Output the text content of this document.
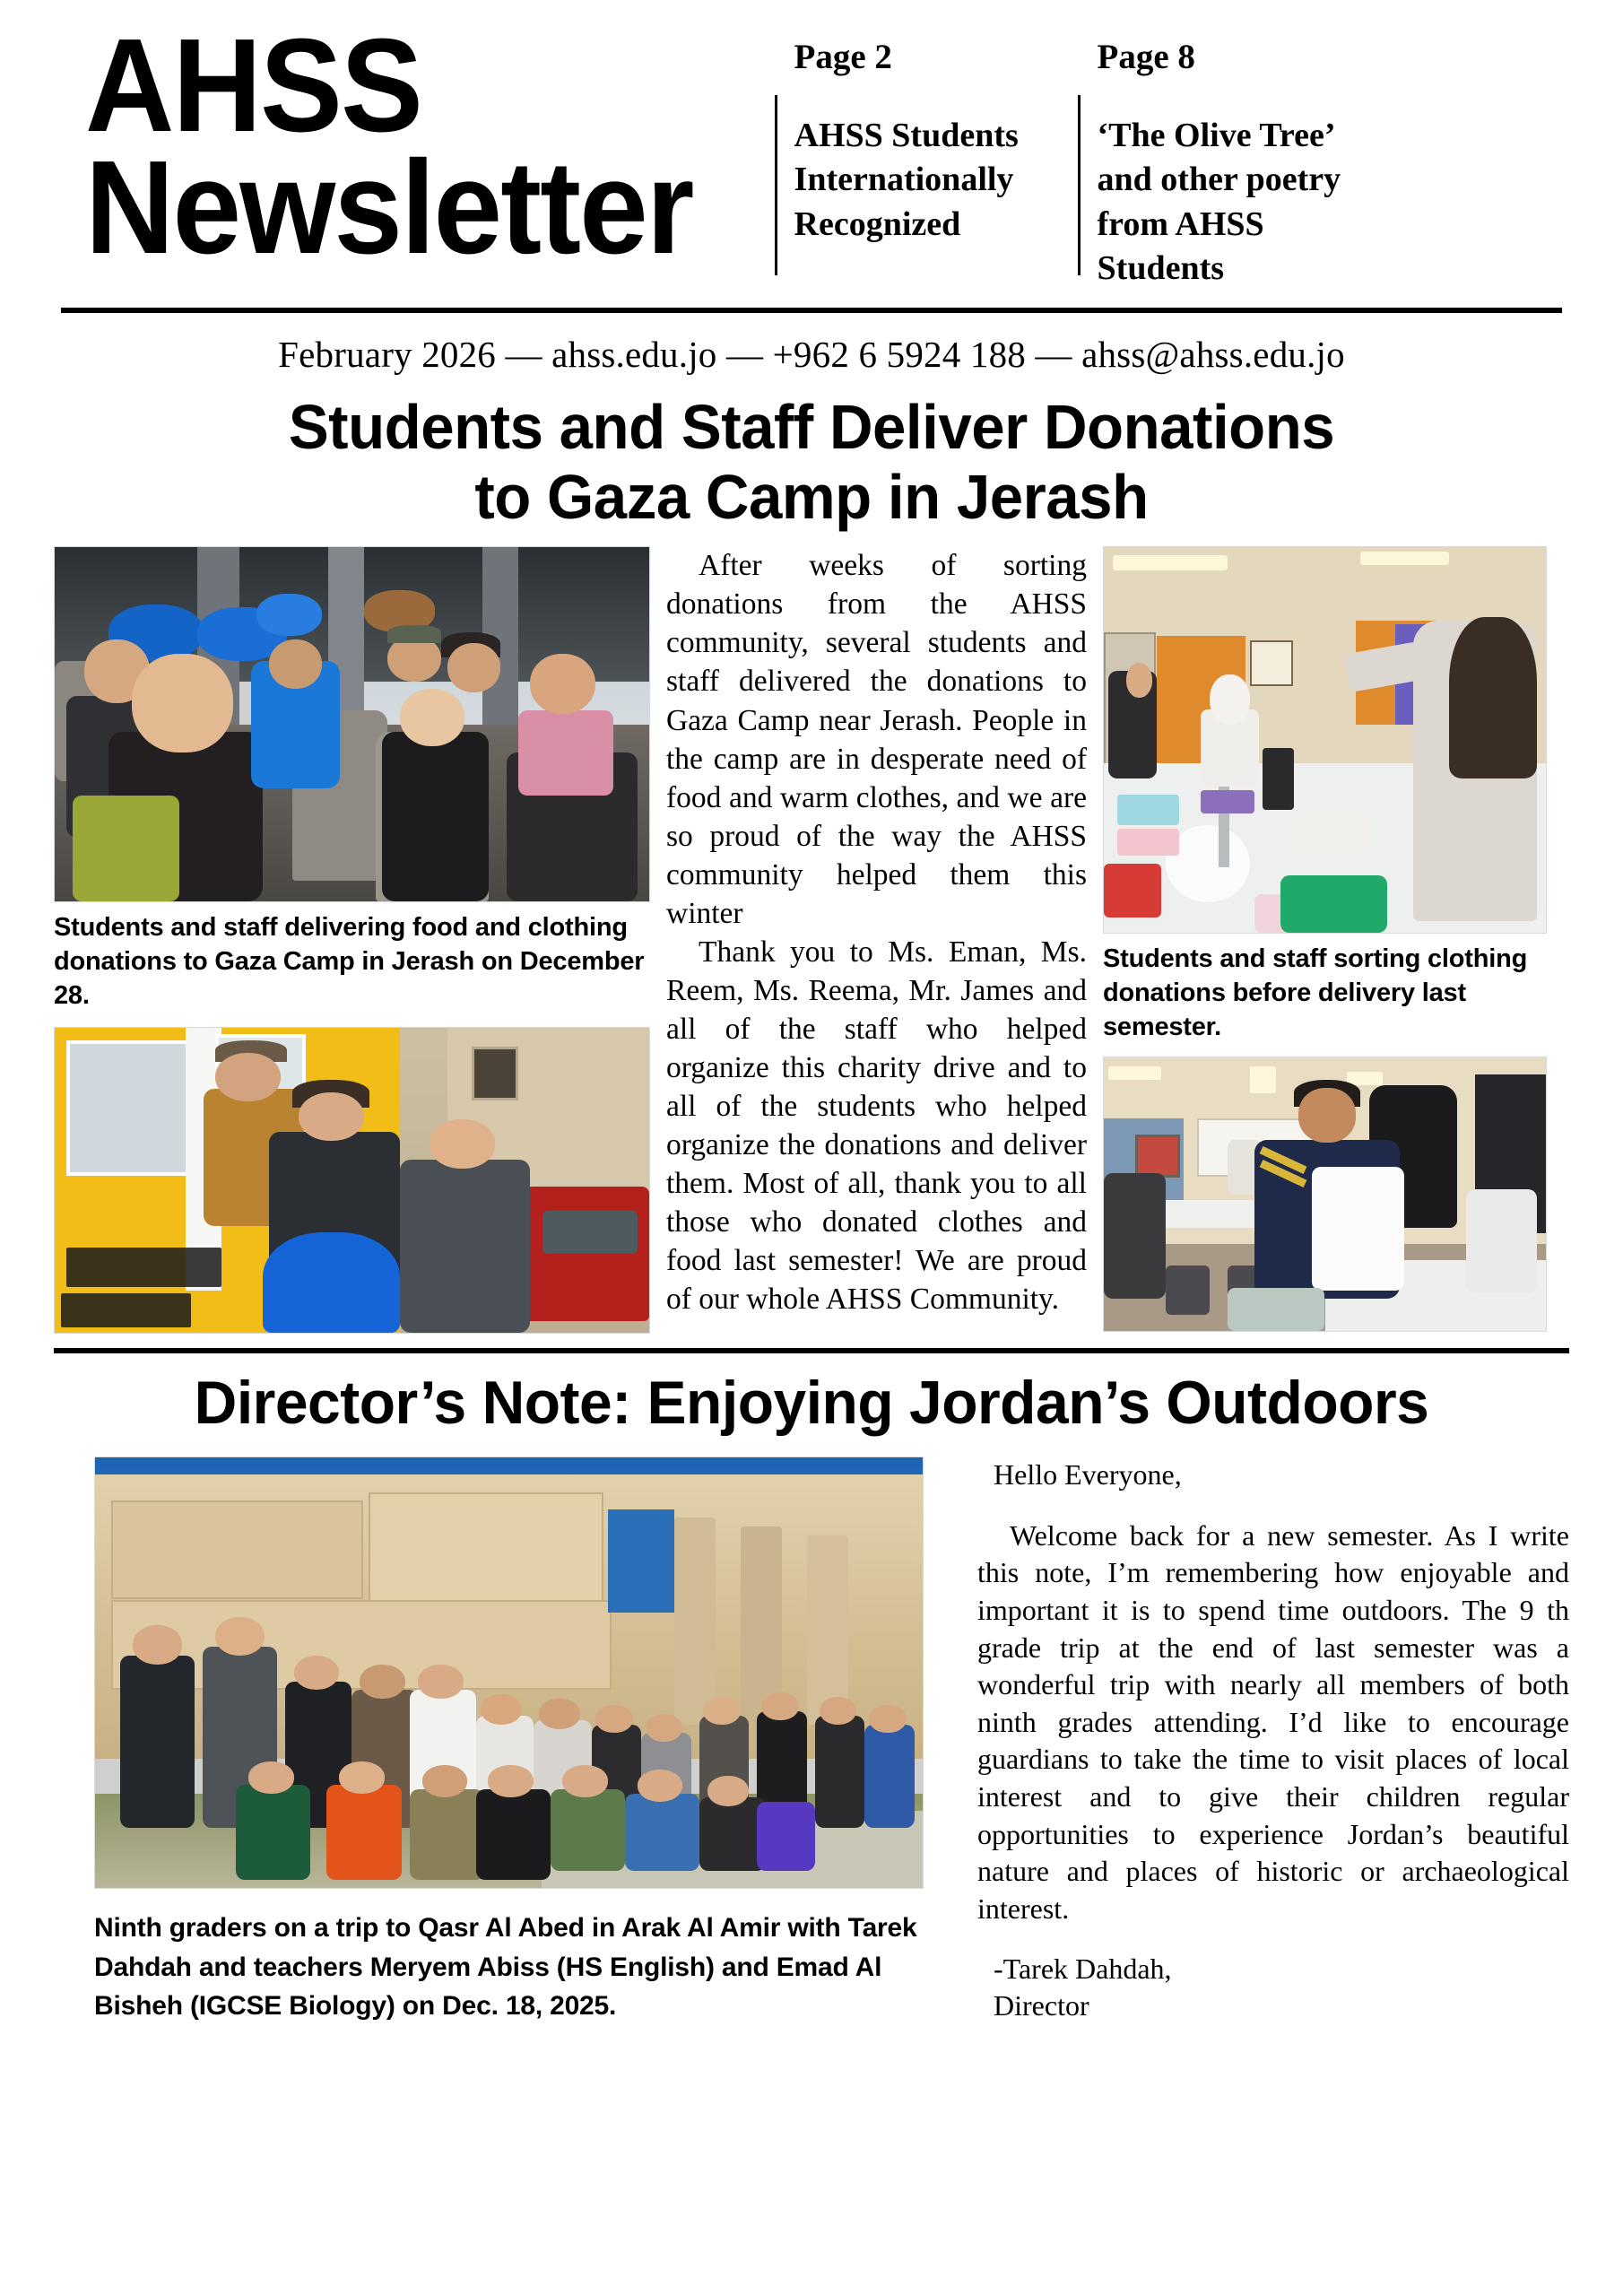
AHSS
Newsletter
Page 2
AHSS Students Internationally Recognized
Page 8
‘The Olive Tree’ and other poetry from AHSS Students
February 2026 — ahss.edu.jo — +962 6 5924 188 — ahss@ahss.edu.jo
Students and Staff Deliver Donations
to Gaza Camp in Jerash
Students and staff delivering food and clothing donations to Gaza Camp in Jerash on December 28.

After weeks of sorting donations from the AHSS community, several students and staff delivered the donations to Gaza Camp near Jerash. People in the camp are in desperate need of food and warm clothes, and we are so proud of the way the AHSS community helped them this winter

Thank you to Ms. Eman, Ms. Reem, Ms. Reema, Mr. James and all of the staff who helped organize this charity drive and to all of the students who helped organize the donations and deliver them. Most of all, thank you to all those who donated clothes and food last semester! We are proud of our whole AHSS Community.

Students and staff sorting clothing donations before delivery last semester.
Director’s Note: Enjoying Jordan’s Outdoors
Ninth graders on a trip to Qasr Al Abed in Arak Al Amir with Tarek Dahdah and teachers Meryem Abiss (HS English) and Emad Al Bisheh (IGCSE Biology) on Dec. 18, 2025.

Hello Everyone,

Welcome back for a new semester. As I write this note, I’m remembering how enjoyable and important it is to spend time outdoors. The 9 th grade trip at the end of last semester was a wonderful trip with nearly all members of both ninth grades attending. I’d like to encourage guardians to take the time to visit places of local interest and to give their children regular opportunities to experience Jordan’s beautiful nature and places of historic or archaeological interest.

-Tarek Dahdah,

Director
